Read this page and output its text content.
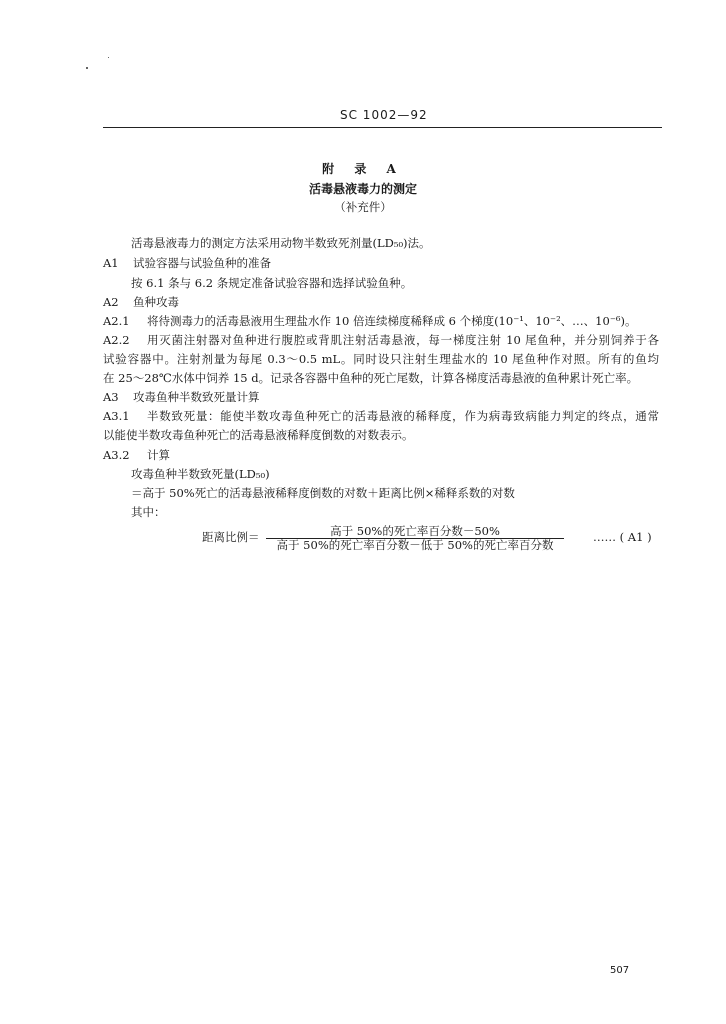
SC 1002—92
附 录 A
活毒悬液毒力的测定
（补充件）
活毒悬液毒力的测定方法采用动物半数致死剂量(LD₅₀)法。
A1 试验容器与试验鱼种的准备
按 6.1 条与 6.2 条规定准备试验容器和选择试验鱼种。
A2 鱼种攻毒
A2.1 将待测毒力的活毒悬液用生理盐水作 10 倍连续梯度稀释成 6 个梯度(10⁻¹、10⁻²、…、10⁻⁶)。
A2.2 用灭菌注射器对鱼种进行腹腔或背肌注射活毒悬液，每一梯度注射 10 尾鱼种，并分别饲养于各
试验容器中。注射剂量为每尾 0.3～0.5 mL。同时设只注射生理盐水的 10 尾鱼种作对照。所有的鱼均
在 25～28℃水体中饲养 15 d。记录各容器中鱼种的死亡尾数，计算各梯度活毒悬液的鱼种累计死亡率。
A3 攻毒鱼种半数致死量计算
A3.1 半数致死量：能使半数攻毒鱼种死亡的活毒悬液的稀释度，作为病毒致病能力判定的终点，通常
以能使半数攻毒鱼种死亡的活毒悬液稀释度倒数的对数表示。
A3.2 计算
攻毒鱼种半数致死量(LD₅₀)
＝高于 50%死亡的活毒悬液稀释度倒数的对数＋距离比例×稀释系数的对数
其中：
距离比例＝	高于 50%的死亡率百分数－50%
高于 50%的死亡率百分数－低于 50%的死亡率百分数
…… ( A1 )
507
